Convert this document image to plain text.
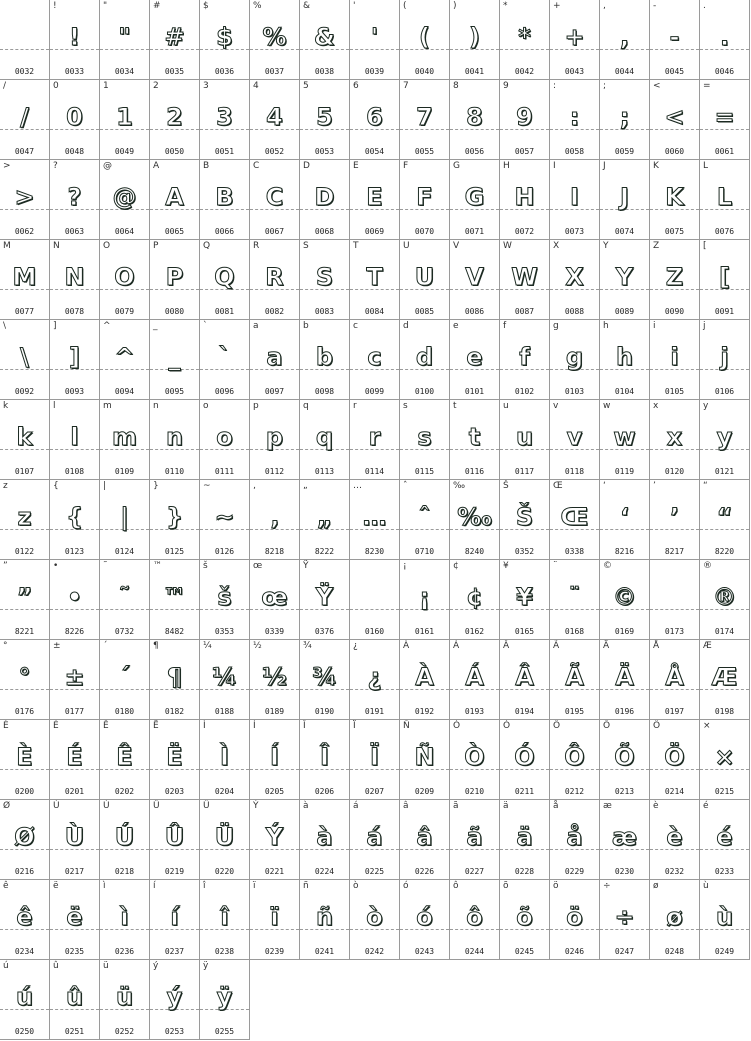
0032
!
!
0033
"
"
0034
#
#
0035
$
$
0036
%
%
0037
&
&
0038
'
'
0039
(
(
0040
)
)
0041
*
*
0042
+
+
0043
,
,
0044
-
-
0045
.
.
0046
/
/
0047
0
0
0048
1
1
0049
2
2
0050
3
3
0051
4
4
0052
5
5
0053
6
6
0054
7
7
0055
8
8
0056
9
9
0057
:
:
0058
;
;
0059
<
<
0060
=
=
0061
>
>
0062
?
?
0063
@
@
0064
A
A
0065
B
B
0066
C
C
0067
D
D
0068
E
E
0069
F
F
0070
G
G
0071
H
H
0072
I
I
0073
J
J
0074
K
K
0075
L
L
0076
M
M
0077
N
N
0078
O
O
0079
P
P
0080
Q
Q
0081
R
R
0082
S
S
0083
T
T
0084
U
U
0085
V
V
0086
W
W
0087
X
X
0088
Y
Y
0089
Z
Z
0090
[
[
0091
\
\
0092
]
]
0093
^
^
0094
_
_
0095
`
`
0096
a
a
0097
b
b
0098
c
c
0099
d
d
0100
e
e
0101
f
f
0102
g
g
0103
h
h
0104
i
i
0105
j
j
0106
k
k
0107
l
l
0108
m
m
0109
n
n
0110
o
o
0111
p
p
0112
q
q
0113
r
r
0114
s
s
0115
t
t
0116
u
u
0117
v
v
0118
w
w
0119
x
x
0120
y
y
0121
z
z
0122
{
{
0123
|
|
0124
}
}
0125
~
~
0126
‚
‚
8218
„
„
8222
…
…
8230
ˆ
ˆ
0710
‰
‰
8240
Š
Š
0352
Œ
Œ
0338
‘
‘
8216
’
’
8217
“
“
8220
”
”
8221
•
•
8226
˜
˜
0732
™
™
8482
š
š
0353
œ
œ
0339
Ÿ
Ÿ
0376	0160
¡
¡
0161
¢
¢
0162
¥
¥
0165
¨
¨
0168
©
©
0169	0173
®
®
0174
°
°
0176
±
±
0177
´
´
0180
¶
¶
0182
¼
¼
0188
½
½
0189
¾
¾
0190
¿
¿
0191
À
À
0192
Á
Á
0193
Â
Â
0194
Ã
Ã
0195
Ä
Ä
0196
Å
Å
0197
Æ
Æ
0198
È
È
0200
É
É
0201
Ê
Ê
0202
Ë
Ë
0203
Ì
Ì
0204
Í
Í
0205
Î
Î
0206
Ï
Ï
0207
Ñ
Ñ
0209
Ò
Ò
0210
Ó
Ó
0211
Ô
Ô
0212
Õ
Õ
0213
Ö
Ö
0214
×
×
0215
Ø
Ø
0216
Ù
Ù
0217
Ú
Ú
0218
Û
Û
0219
Ü
Ü
0220
Ý
Ý
0221
à
à
0224
á
á
0225
â
â
0226
ã
ã
0227
ä
ä
0228
å
å
0229
æ
æ
0230
è
è
0232
é
é
0233
ê
ê
0234
ë
ë
0235
ì
ì
0236
í
í
0237
î
î
0238
ï
ï
0239
ñ
ñ
0241
ò
ò
0242
ó
ó
0243
ô
ô
0244
õ
õ
0245
ö
ö
0246
÷
÷
0247
ø
ø
0248
ù
ù
0249
ú
ú
0250
û
û
0251
ü
ü
0252
ý
ý
0253
ÿ
ÿ
0255
